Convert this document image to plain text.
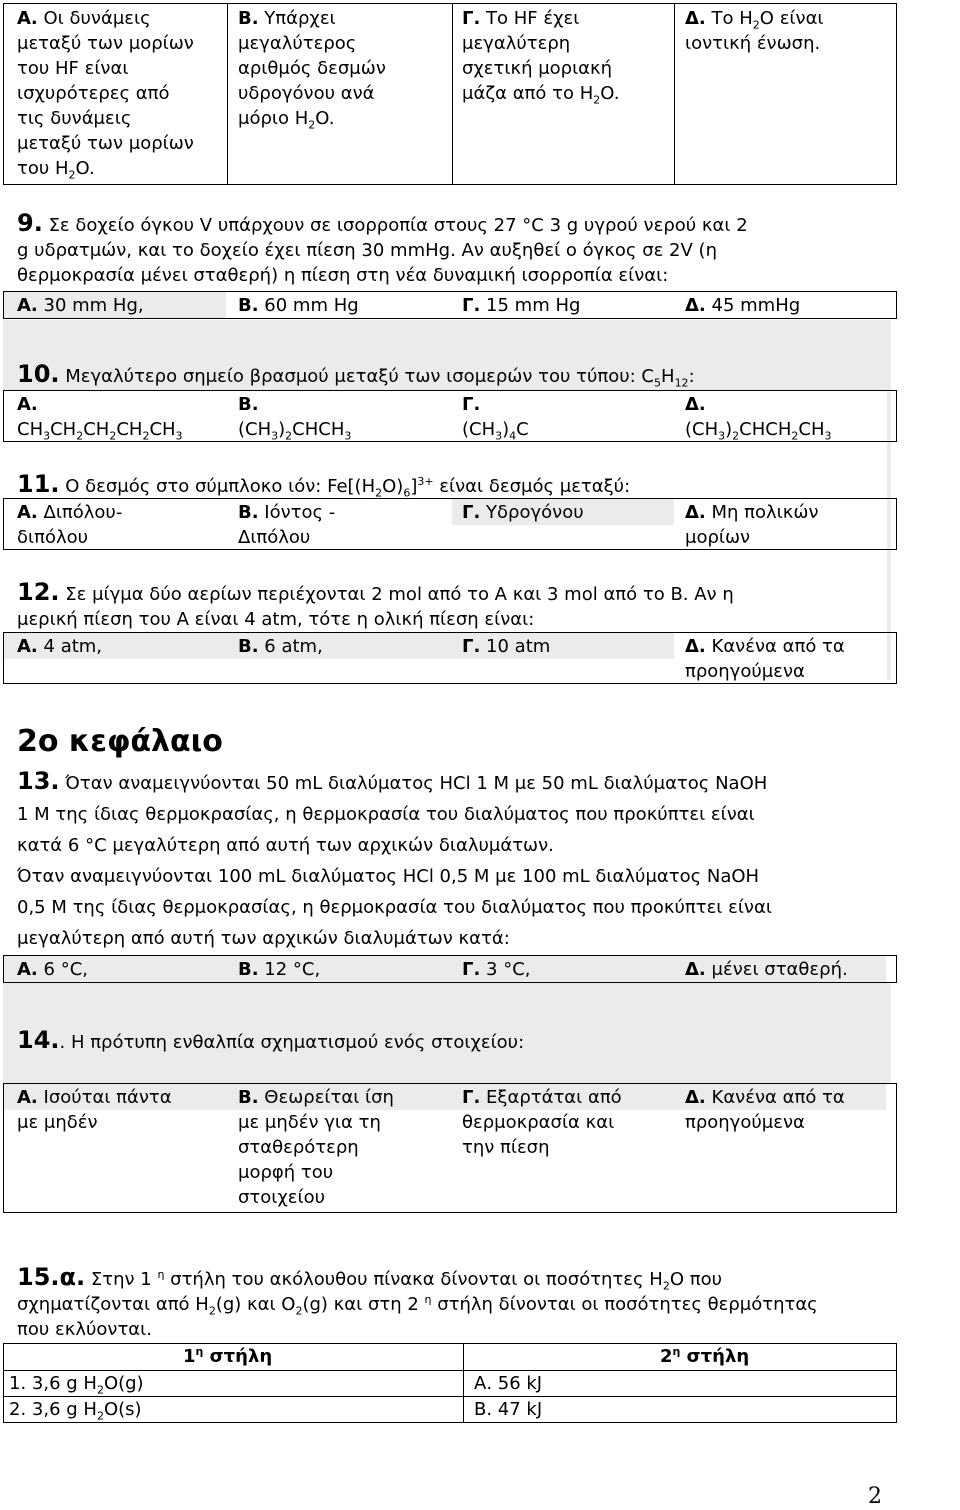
Α. Οι δυνάμεις
μεταξύ των μορίων
του HF είναι
ισχυρότερες από
τις δυνάμεις
μεταξύ των μορίων
του $H_2O$.
Β. Υπάρχει
μεγαλύτερος
αριθμός δεσμών
υδρογόνου ανά
μόριο $H_2O$.
Γ. Το HF έχει
μεγαλύτερη
σχετική μοριακή
μάζα από το $H_2O$.
Δ. Το $H_2O$ είναι
ιοντική ένωση.
9. Σε δοχείο όγκου V υπάρχουν σε ισορροπία στους 27 °C 3 g υγρού νερού και 2
g υδρατμών, και το δοχείο έχει πίεση 30 mmHg. Αν αυξηθεί ο όγκος σε 2V (η
θερμοκρασία μένει σταθερή) η πίεση στη νέα δυναμική ισορροπία είναι:
Α. 30 mm Hg,	Β. 60 mm Hg	Γ. 15 mm Hg	Δ. 45 mmHg
10. Μεγαλύτερο σημείο βρασμού μεταξύ των ισομερών του τύπου: $C_5H_{12}$:
Α.
$CH_3CH_2CH_2CH_2CH_3$
Β.
$(CH_3)_2CHCH_3$
Γ.
$(CH_3)_4C$
Δ.
$(CH_3)_2CHCH_2CH_3$
11. Ο δεσμός στο σύμπλοκο ιόν: $Fe[(H_2O)_6]^{3+}$ είναι δεσμός μεταξύ:
Α. Διπόλου-
διπόλου
Β. Ιόντος -
Διπόλου
Γ. Υδρογόνου	Δ. Μη πολικών
μορίων
12. Σε μίγμα δύο αερίων περιέχονται 2 mol από το A και 3 mol από το B. Αν η
μερική πίεση του A είναι 4 atm, τότε η ολική πίεση είναι:
Α. 4 atm,	Β. 6 atm,	Γ. 10 atm	Δ. Κανένα από τα
προηγούμενα
2ο κεφάλαιο
13. Όταν αναμειγνύονται 50 mL διαλύματος HCl 1 M με 50 mL διαλύματος NaOH
1 M της ίδιας θερμοκρασίας, η θερμοκρασία του διαλύματος που προκύπτει είναι
κατά 6 °C μεγαλύτερη από αυτή των αρχικών διαλυμάτων.
Όταν αναμειγνύονται 100 mL διαλύματος HCl 0,5 M με 100 mL διαλύματος NaOH
0,5 M της ίδιας θερμοκρασίας, η θερμοκρασία του διαλύματος που προκύπτει είναι
μεγαλύτερη από αυτή των αρχικών διαλυμάτων κατά:
Α. 6 °C,	Β. 12 °C,	Γ. 3 °C,	Δ. μένει σταθερή.
14.. Η πρότυπη ενθαλπία σχηματισμού ενός στοιχείου:
Α. Ισούται πάντα
με μηδέν
Β. Θεωρείται ίση
με μηδέν για τη
σταθερότερη
μορφή του
στοιχείου
Γ. Εξαρτάται από
θερμοκρασία και
την πίεση
Δ. Κανένα από τα
προηγούμενα
15.α. Στην 1 $^\eta$ στήλη του ακόλουθου πίνακα δίνονται οι ποσότητες $H_2O$ που
σχηματίζονται από $H_2(g)$ και $O_2(g)$ και στη 2 $^\eta$ στήλη δίνονται οι ποσότητες θερμότητας
που εκλύονται.
$1^\eta$ στήλη	$2^\eta$ στήλη
1. 3,6 g $H_2O(g)$	Α. 56 kJ
2. 3,6 g $H_2O(s)$	Β. 47 kJ
2
